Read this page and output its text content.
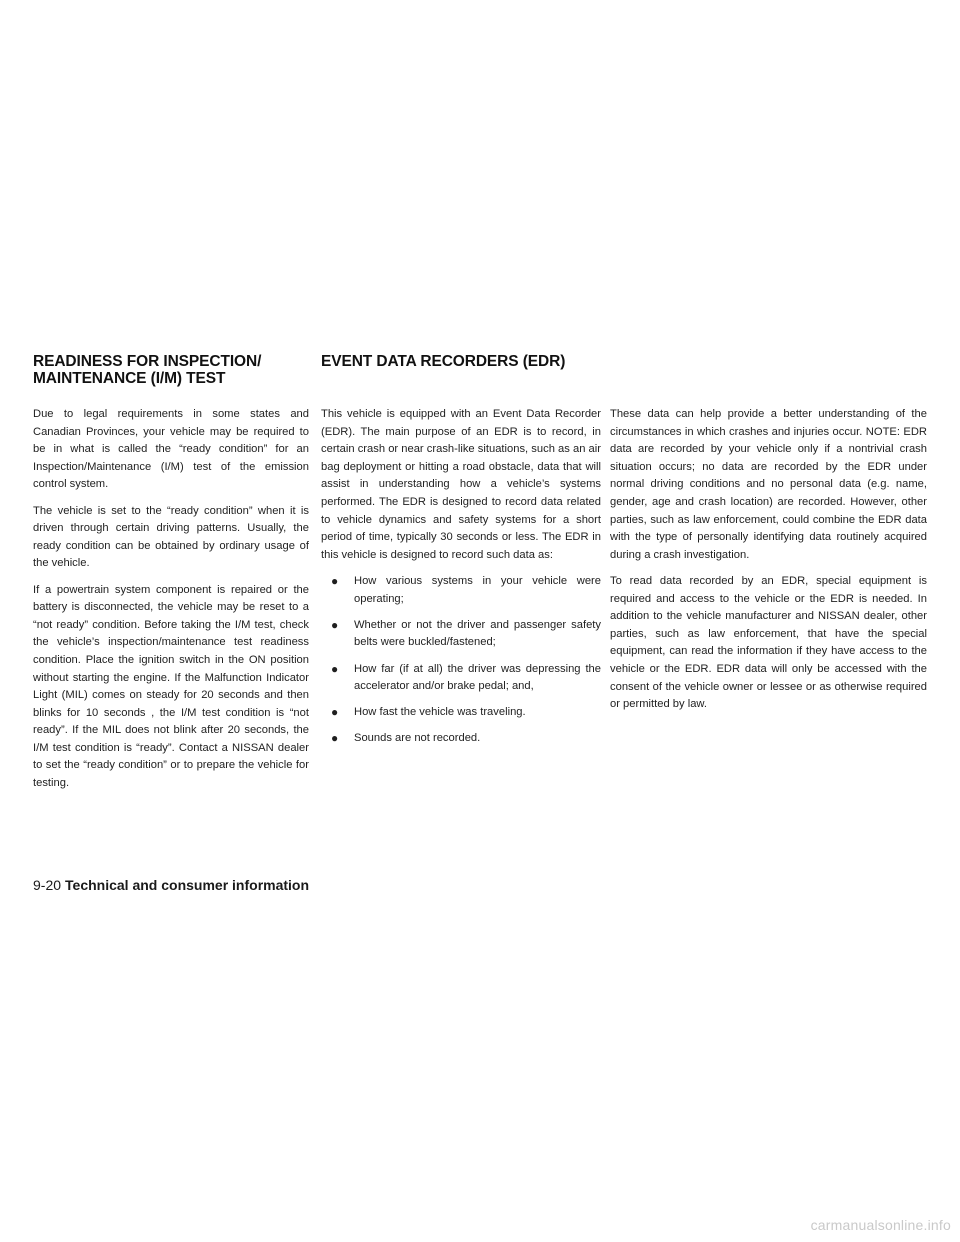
READINESS FOR INSPECTION/
MAINTENANCE (I/M) TEST
EVENT DATA RECORDERS (EDR)

Due to legal requirements in some states and Canadian Provinces, your vehicle may be required to be in what is called the “ready condition” for an Inspection/Maintenance (I/M) test of the emission control system.

The vehicle is set to the “ready condition” when it is driven through certain driving patterns. Usually, the ready condition can be obtained by ordinary usage of the vehicle.

If a powertrain system component is repaired or the battery is disconnected, the vehicle may be reset to a “not ready” condition. Before taking the I/M test, check the vehicle’s inspection/maintenance test readiness condition. Place the ignition switch in the ON position without starting the engine. If the Malfunction Indicator Light (MIL) comes on steady for 20 seconds and then blinks for 10 seconds , the I/M test condition is “not ready”. If the MIL does not blink after 20 seconds, the I/M test condition is “ready”. Contact a NISSAN dealer to set the “ready condition” or to prepare the vehicle for testing.

This vehicle is equipped with an Event Data Recorder (EDR). The main purpose of an EDR is to record, in certain crash or near crash-like situations, such as an air bag deployment or hitting a road obstacle, data that will assist in understanding how a vehicle’s systems performed. The EDR is designed to record data related to vehicle dynamics and safety systems for a short period of time, typically 30 seconds or less. The EDR in this vehicle is designed to record such data as:

● How various systems in your vehicle were operating;
● Whether or not the driver and passenger safety belts were buckled/fastened;
● How far (if at all) the driver was depressing the accelerator and/or brake pedal; and,
● How fast the vehicle was traveling.
● Sounds are not recorded.

These data can help provide a better understanding of the circumstances in which crashes and injuries occur. NOTE: EDR data are recorded by your vehicle only if a nontrivial crash situation occurs; no data are recorded by the EDR under normal driving conditions and no personal data (e.g. name, gender, age and crash location) are recorded. However, other parties, such as law enforcement, could combine the EDR data with the type of personally identifying data routinely acquired during a crash investigation.

To read data recorded by an EDR, special equipment is required and access to the vehicle or the EDR is needed. In addition to the vehicle manufacturer and NISSAN dealer, other parties, such as law enforcement, that have the special equipment, can read the information if they have access to the vehicle or the EDR. EDR data will only be accessed with the consent of the vehicle owner or lessee or as otherwise required or permitted by law.

9-20 Technical and consumer information
carmanualsonline.info
